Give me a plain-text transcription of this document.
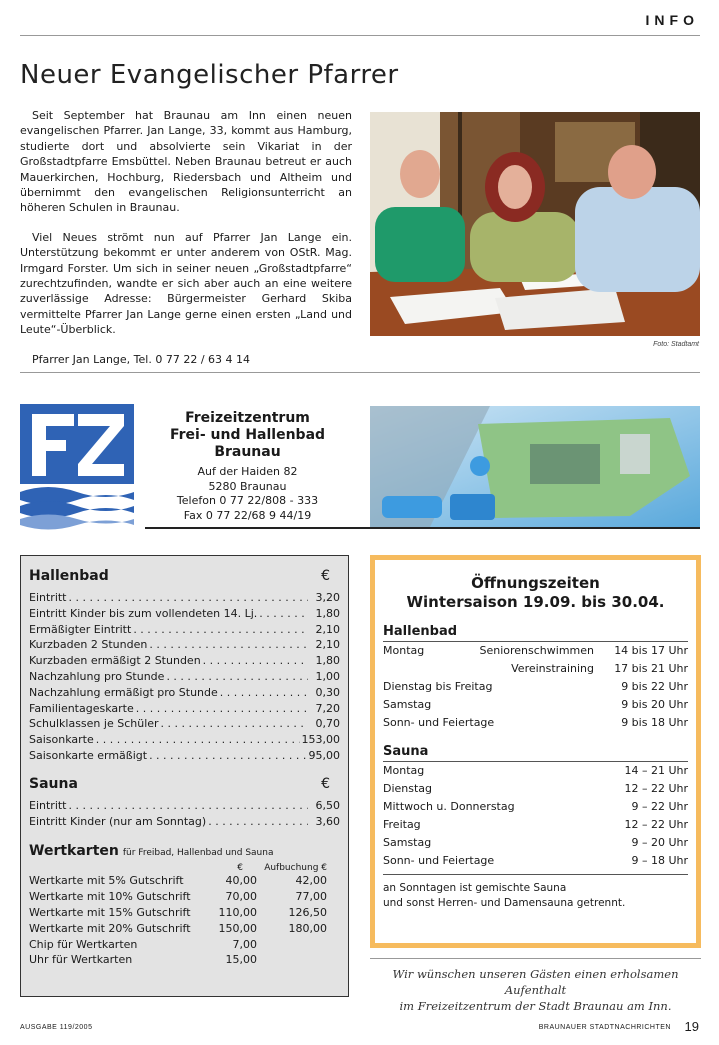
INFO
Neuer Evangelischer Pfarrer

Seit September hat Braunau am Inn einen neuen evangelischen Pfarrer. Jan Lange, 33, kommt aus Hamburg, studierte dort und absolvierte sein Vikariat in der Großstadtpfarre Emsbüttel. Neben Braunau betreut er auch Mauerkirchen, Hochburg, Riedersbach und Altheim und übernimmt den evangelischen Religionsunterricht an höheren Schulen in Braunau.

Viel Neues strömt nun auf Pfarrer Jan Lange ein. Unterstützung bekommt er unter anderem von OStR. Mag. Irmgard Forster. Um sich in seiner neuen „Großstadtpfarre“ zurechtzufinden, wandte er sich aber auch an eine weitere zuverlässige Adresse: Bürgermeister Gerhard Skiba vermittelte Pfarrer Jan Lange gerne einen ersten „Land und Leute“-Überblick.

Pfarrer Jan Lange, Tel. 0 77 22 / 63 4 14

Foto: Stadtamt
Freizeitzentrum
Frei- und Hallenbad
Braunau
Auf der Haiden 82
5280 Braunau
Telefon 0 77 22/808 - 333
Fax 0 77 22/68 9 44/19
Hallenbad	€
Eintritt . . .	3,20
Eintritt Kinder bis zum vollendeten 14. Lj. . . .	1,80
Ermäßigter Eintritt . . .	2,10
Kurzbaden 2 Stunden . . .	2,10
Kurzbaden ermäßigt 2 Stunden . . .	1,80
Nachzahlung pro Stunde . . .	1,00
Nachzahlung ermäßigt pro Stunde . . .	0,30
Familientageskarte . . .	7,20
Schulklassen je Schüler . . .	0,70
Saisonkarte . . .	153,00
Saisonkarte ermäßigt . . .	95,00
Sauna	€
Eintritt . . .	6,50
Eintritt Kinder (nur am Sonntag) . . .	3,60
Wertkarten für Freibad, Hallenbad und Sauna
€	Aufbuchung €
Wertkarte mit 5% Gutschrift	40,00	42,00
Wertkarte mit 10% Gutschrift	70,00	77,00
Wertkarte mit 15% Gutschrift	110,00	126,50
Wertkarte mit 20% Gutschrift	150,00	180,00
Chip für Wertkarten	7,00
Uhr für Wertkarten	15,00
Öffnungszeiten
Wintersaison 19.09. bis 30.04.
Hallenbad
Montag	Seniorenschwimmen	14 bis 17 Uhr
Vereinstraining	17 bis 21 Uhr
Dienstag bis Freitag	9 bis 22 Uhr
Samstag	9 bis 20 Uhr
Sonn- und Feiertage	9 bis 18 Uhr
Sauna
Montag	14 – 21 Uhr
Dienstag	12 – 22 Uhr
Mittwoch u. Donnerstag	9 – 22 Uhr
Freitag	12 – 22 Uhr
Samstag	9 – 20 Uhr
Sonn- und Feiertage	9 – 18 Uhr
an Sonntagen ist gemischte Sauna
und sonst Herren- und Damensauna getrennt.
Wir wünschen unseren Gästen einen erholsamen Aufenthalt
im Freizeitzentrum der Stadt Braunau am Inn.
AUSGABE 119/2005	BRAUNAUER STADTNACHRICHTEN 19
